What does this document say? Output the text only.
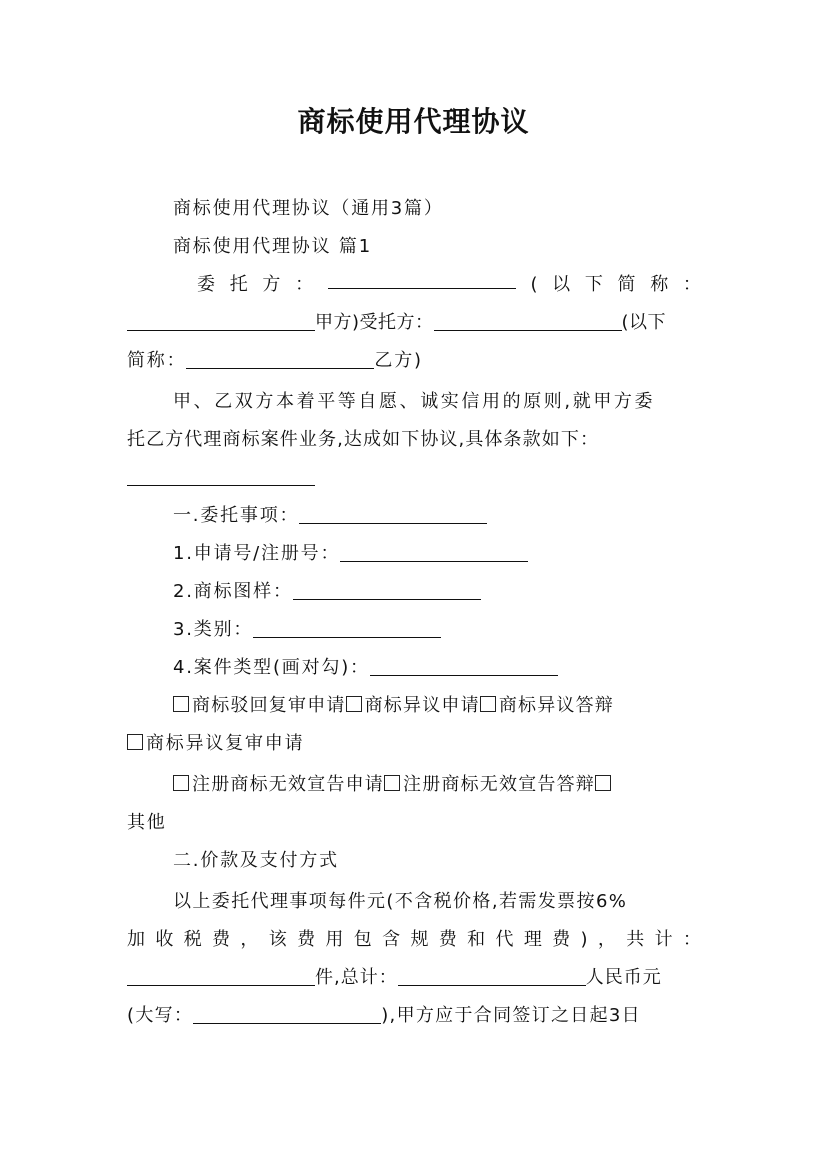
商标使用代理协议
商标使用代理协议（通用3篇）
商标使用代理协议 篇1
委 托 方 ：	( 以 下 简 称 ：
甲方)受托方：	(以下
简称：	乙方)
甲、乙双方本着平等自愿、诚实信用的原则,就甲方委
托乙方代理商标案件业务,达成如下协议,具体条款如下：
一.委托事项：
1.申请号/注册号：
2.商标图样：
3.类别：
4.案件类型(画对勾)：
商标驳回复审申请 商标异议申请 商标异议答辩
商标异议复审申请
注册商标无效宣告申请 注册商标无效宣告答辩
其他
二.价款及支付方式
以上委托代理事项每件元(不含税价格,若需发票按6%
加 收 税 费 ， 该 费 用 包 含 规 费 和 代 理 费 ) ， 共 计 ：
件,总计：	人民币元
(大写：	),甲方应于合同签订之日起3日
